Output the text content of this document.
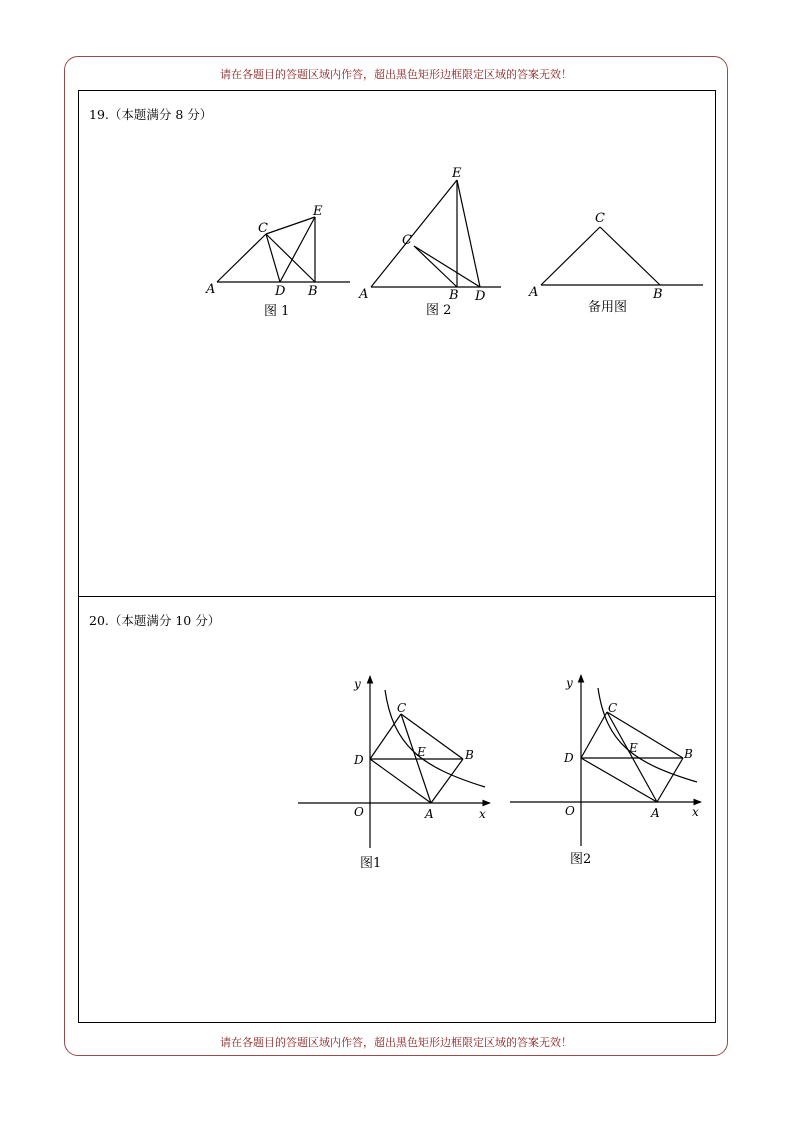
请在各题目的答题区域内作答，超出黑色矩形边框限定区域的答案无效！
19.（本题满分 8 分）
A
C
E
D B
图 1
A
C
E
B D
图 2
A
C
B
备用图
20.（本题满分 10 分）
y
x
O
D
C
E	B
A
图1
y
x
O
D
C
E	B
A
图2
请在各题目的答题区域内作答，超出黑色矩形边框限定区域的答案无效！
